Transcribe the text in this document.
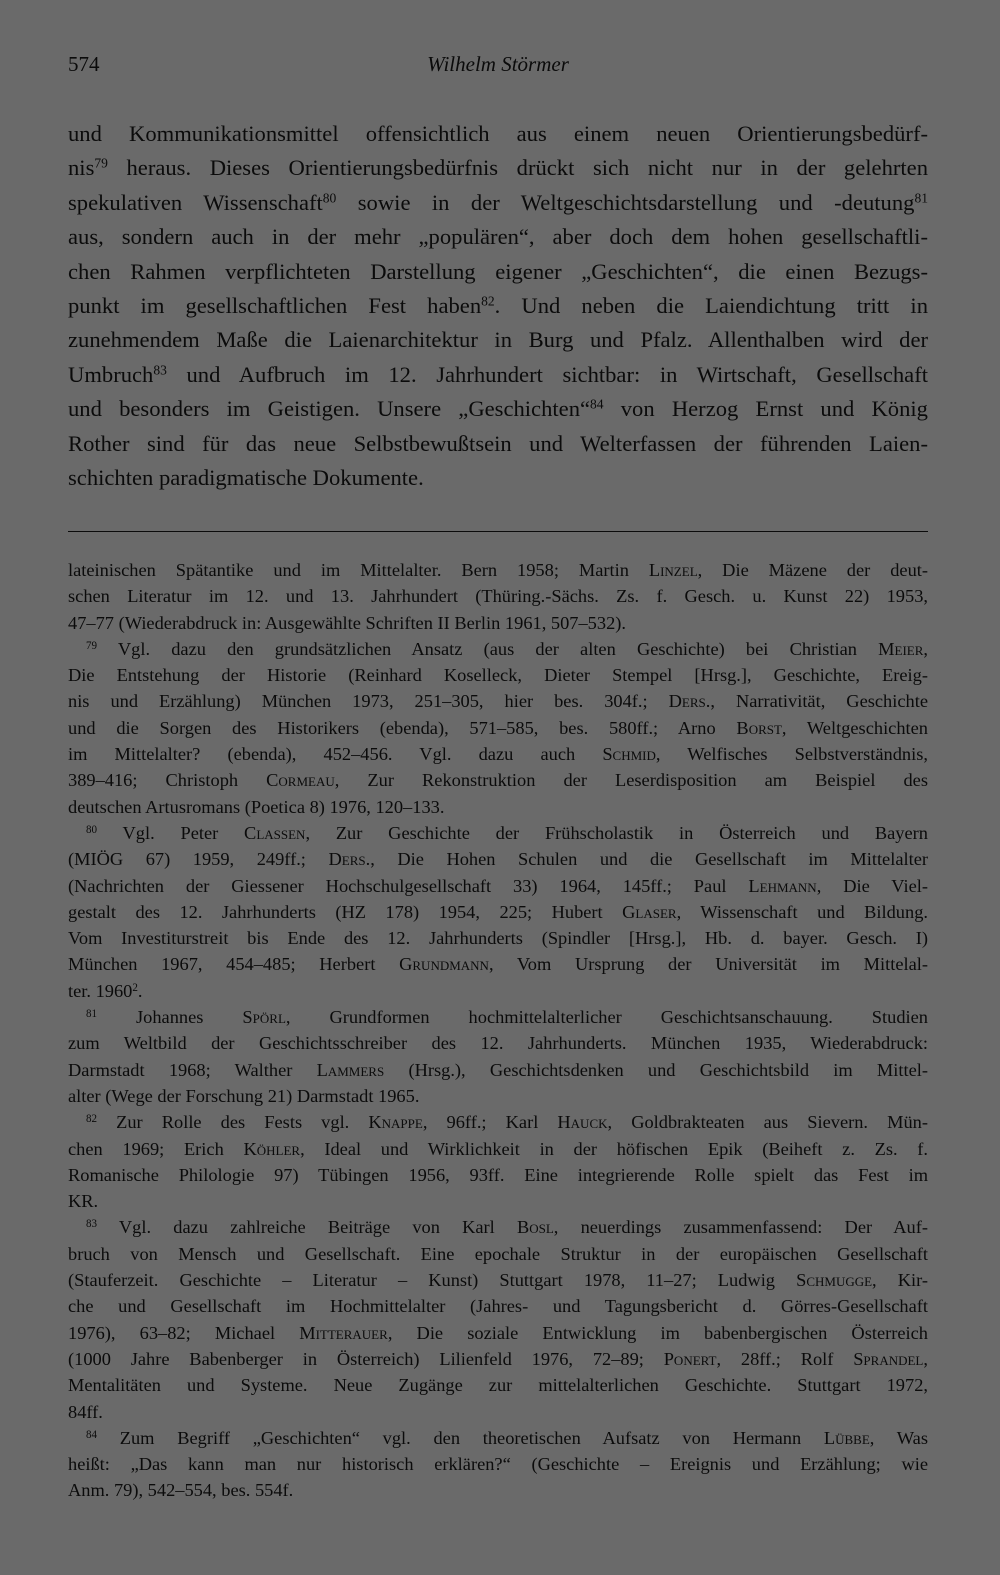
574	Wilhelm Störmer
und Kommunikationsmittel offensichtlich aus einem neuen Orientierungsbedürf-
nis$^{79}$ heraus. Dieses Orientierungsbedürfnis drückt sich nicht nur in der gelehrten
spekulativen Wissenschaft$^{80}$ sowie in der Weltgeschichtsdarstellung und -deutung$^{81}$
aus, sondern auch in der mehr „populären“, aber doch dem hohen gesellschaftli-
chen Rahmen verpflichteten Darstellung eigener „Geschichten“, die einen Bezugs-
punkt im gesellschaftlichen Fest haben$^{82}$. Und neben die Laiendichtung tritt in
zunehmendem Maße die Laienarchitektur in Burg und Pfalz. Allenthalben wird der
Umbruch$^{83}$ und Aufbruch im 12. Jahrhundert sichtbar: in Wirtschaft, Gesellschaft
und besonders im Geistigen. Unsere „Geschichten“$^{84}$ von Herzog Ernst und König
Rother sind für das neue Selbstbewußtsein und Welterfassen der führenden Laien-
schichten paradigmatische Dokumente.
lateinischen Spätantike und im Mittelalter. Bern 1958; Martin Linzel, Die Mäzene der deut-
schen Literatur im 12. und 13. Jahrhundert (Thüring.-Sächs. Zs. f. Gesch. u. Kunst 22) 1953,
47–77 (Wiederabdruck in: Ausgewählte Schriften II Berlin 1961, 507–532).
$^{79}$ Vgl. dazu den grundsätzlichen Ansatz (aus der alten Geschichte) bei Christian Meier,
Die Entstehung der Historie (Reinhard Koselleck, Dieter Stempel [Hrsg.], Geschichte, Ereig-
nis und Erzählung) München 1973, 251–305, hier bes. 304f.; Ders., Narrativität, Geschichte
und die Sorgen des Historikers (ebenda), 571–585, bes. 580ff.; Arno Borst, Weltgeschichten
im Mittelalter? (ebenda), 452–456. Vgl. dazu auch Schmid, Welfisches Selbstverständnis,
389–416; Christoph Cormeau, Zur Rekonstruktion der Leserdisposition am Beispiel des
deutschen Artusromans (Poetica 8) 1976, 120–133.
$^{80}$ Vgl. Peter Classen, Zur Geschichte der Frühscholastik in Österreich und Bayern
(MIÖG 67) 1959, 249ff.; Ders., Die Hohen Schulen und die Gesellschaft im Mittelalter
(Nachrichten der Giessener Hochschulgesellschaft 33) 1964, 145ff.; Paul Lehmann, Die Viel-
gestalt des 12. Jahrhunderts (HZ 178) 1954, 225; Hubert Glaser, Wissenschaft und Bildung.
Vom Investiturstreit bis Ende des 12. Jahrhunderts (Spindler [Hrsg.], Hb. d. bayer. Gesch. I)
München 1967, 454–485; Herbert Grundmann, Vom Ursprung der Universität im Mittelal-
ter. 1960$^2$.
$^{81}$ Johannes Spörl, Grundformen hochmittelalterlicher Geschichtsanschauung. Studien
zum Weltbild der Geschichtsschreiber des 12. Jahrhunderts. München 1935, Wiederabdruck:
Darmstadt 1968; Walther Lammers (Hrsg.), Geschichtsdenken und Geschichtsbild im Mittel-
alter (Wege der Forschung 21) Darmstadt 1965.
$^{82}$ Zur Rolle des Fests vgl. Knappe, 96ff.; Karl Hauck, Goldbrakteaten aus Sievern. Mün-
chen 1969; Erich Köhler, Ideal und Wirklichkeit in der höfischen Epik (Beiheft z. Zs. f.
Romanische Philologie 97) Tübingen 1956, 93ff. Eine integrierende Rolle spielt das Fest im
KR.
$^{83}$ Vgl. dazu zahlreiche Beiträge von Karl Bosl, neuerdings zusammenfassend: Der Auf-
bruch von Mensch und Gesellschaft. Eine epochale Struktur in der europäischen Gesellschaft
(Stauferzeit. Geschichte – Literatur – Kunst) Stuttgart 1978, 11–27; Ludwig Schmugge, Kir-
che und Gesellschaft im Hochmittelalter (Jahres- und Tagungsbericht d. Görres-Gesellschaft
1976), 63–82; Michael Mitterauer, Die soziale Entwicklung im babenbergischen Österreich
(1000 Jahre Babenberger in Österreich) Lilienfeld 1976, 72–89; Ponert, 28ff.; Rolf Sprandel,
Mentalitäten und Systeme. Neue Zugänge zur mittelalterlichen Geschichte. Stuttgart 1972,
84ff.
$^{84}$ Zum Begriff „Geschichten“ vgl. den theoretischen Aufsatz von Hermann Lübbe, Was
heißt: „Das kann man nur historisch erklären?“ (Geschichte – Ereignis und Erzählung; wie
Anm. 79), 542–554, bes. 554f.
